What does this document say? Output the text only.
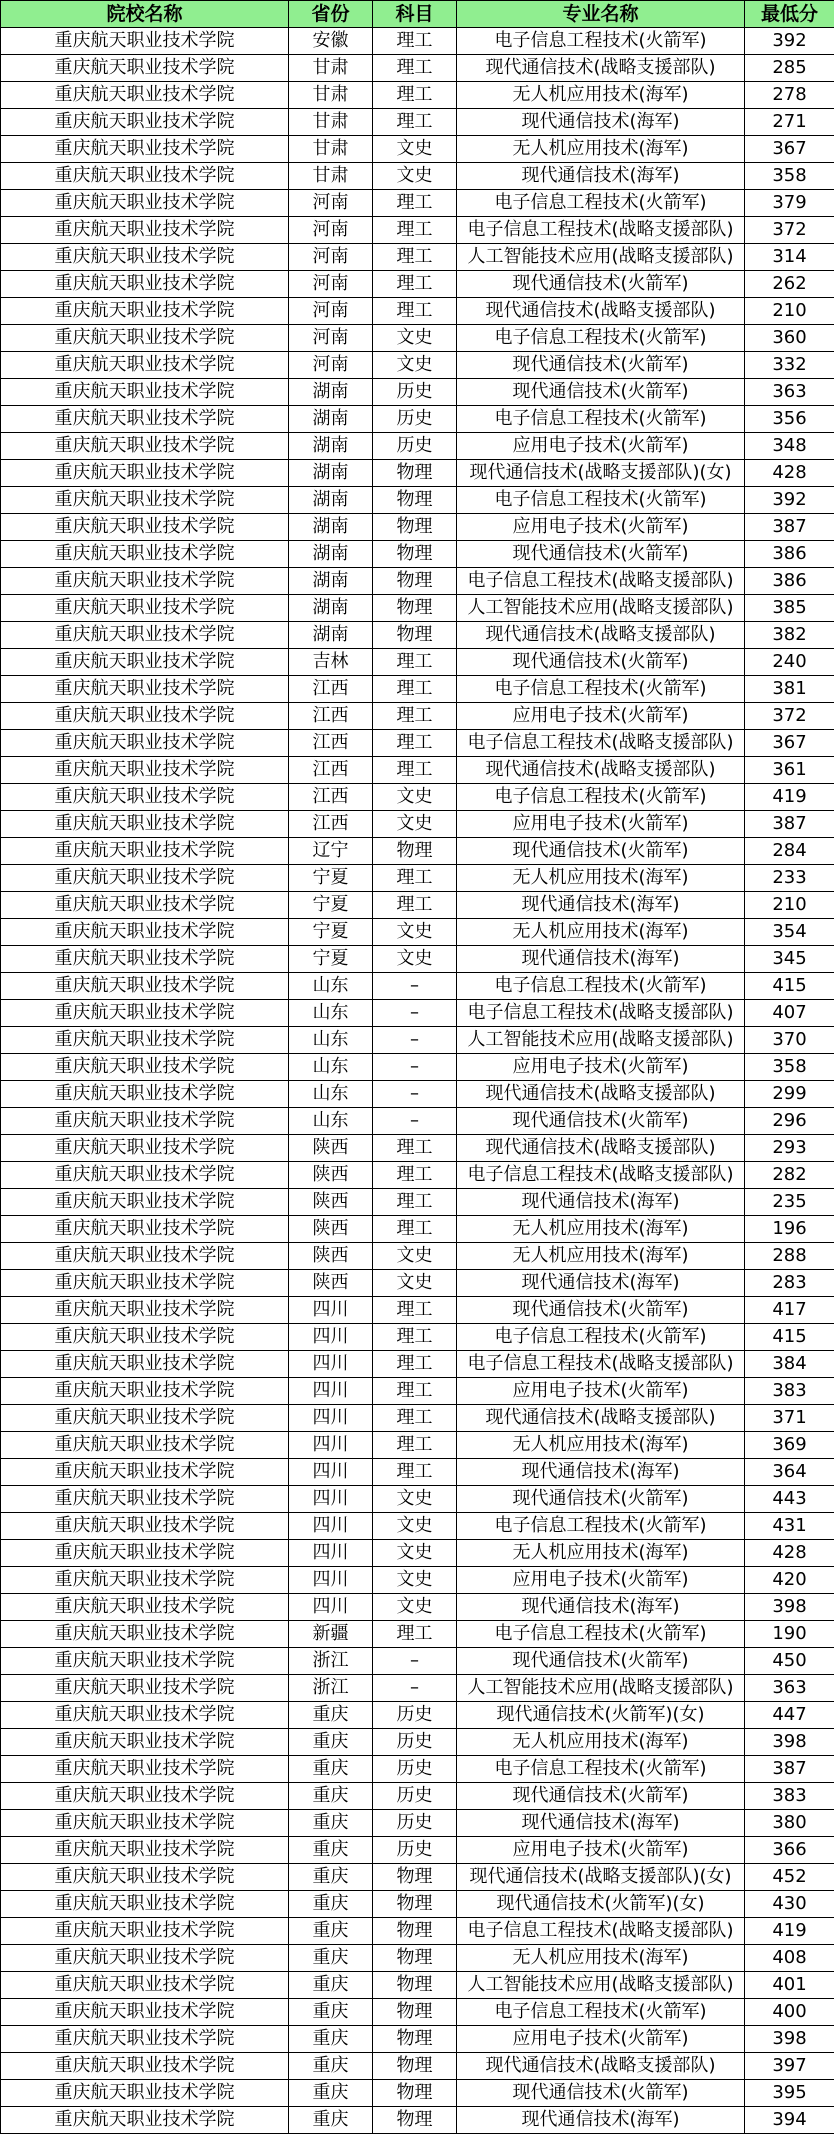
院校名称	省份	科目	专业名称	最低分
重庆航天职业技术学院	安徽	理工	电子信息工程技术(火箭军)	392
重庆航天职业技术学院	甘肃	理工	现代通信技术(战略支援部队)	285
重庆航天职业技术学院	甘肃	理工	无人机应用技术(海军)	278
重庆航天职业技术学院	甘肃	理工	现代通信技术(海军)	271
重庆航天职业技术学院	甘肃	文史	无人机应用技术(海军)	367
重庆航天职业技术学院	甘肃	文史	现代通信技术(海军)	358
重庆航天职业技术学院	河南	理工	电子信息工程技术(火箭军)	379
重庆航天职业技术学院	河南	理工	电子信息工程技术(战略支援部队)	372
重庆航天职业技术学院	河南	理工	人工智能技术应用(战略支援部队)	314
重庆航天职业技术学院	河南	理工	现代通信技术(火箭军)	262
重庆航天职业技术学院	河南	理工	现代通信技术(战略支援部队)	210
重庆航天职业技术学院	河南	文史	电子信息工程技术(火箭军)	360
重庆航天职业技术学院	河南	文史	现代通信技术(火箭军)	332
重庆航天职业技术学院	湖南	历史	现代通信技术(火箭军)	363
重庆航天职业技术学院	湖南	历史	电子信息工程技术(火箭军)	356
重庆航天职业技术学院	湖南	历史	应用电子技术(火箭军)	348
重庆航天职业技术学院	湖南	物理	现代通信技术(战略支援部队)(女)	428
重庆航天职业技术学院	湖南	物理	电子信息工程技术(火箭军)	392
重庆航天职业技术学院	湖南	物理	应用电子技术(火箭军)	387
重庆航天职业技术学院	湖南	物理	现代通信技术(火箭军)	386
重庆航天职业技术学院	湖南	物理	电子信息工程技术(战略支援部队)	386
重庆航天职业技术学院	湖南	物理	人工智能技术应用(战略支援部队)	385
重庆航天职业技术学院	湖南	物理	现代通信技术(战略支援部队)	382
重庆航天职业技术学院	吉林	理工	现代通信技术(火箭军)	240
重庆航天职业技术学院	江西	理工	电子信息工程技术(火箭军)	381
重庆航天职业技术学院	江西	理工	应用电子技术(火箭军)	372
重庆航天职业技术学院	江西	理工	电子信息工程技术(战略支援部队)	367
重庆航天职业技术学院	江西	理工	现代通信技术(战略支援部队)	361
重庆航天职业技术学院	江西	文史	电子信息工程技术(火箭军)	419
重庆航天职业技术学院	江西	文史	应用电子技术(火箭军)	387
重庆航天职业技术学院	辽宁	物理	现代通信技术(火箭军)	284
重庆航天职业技术学院	宁夏	理工	无人机应用技术(海军)	233
重庆航天职业技术学院	宁夏	理工	现代通信技术(海军)	210
重庆航天职业技术学院	宁夏	文史	无人机应用技术(海军)	354
重庆航天职业技术学院	宁夏	文史	现代通信技术(海军)	345
重庆航天职业技术学院	山东	–	电子信息工程技术(火箭军)	415
重庆航天职业技术学院	山东	–	电子信息工程技术(战略支援部队)	407
重庆航天职业技术学院	山东	–	人工智能技术应用(战略支援部队)	370
重庆航天职业技术学院	山东	–	应用电子技术(火箭军)	358
重庆航天职业技术学院	山东	–	现代通信技术(战略支援部队)	299
重庆航天职业技术学院	山东	–	现代通信技术(火箭军)	296
重庆航天职业技术学院	陕西	理工	现代通信技术(战略支援部队)	293
重庆航天职业技术学院	陕西	理工	电子信息工程技术(战略支援部队)	282
重庆航天职业技术学院	陕西	理工	现代通信技术(海军)	235
重庆航天职业技术学院	陕西	理工	无人机应用技术(海军)	196
重庆航天职业技术学院	陕西	文史	无人机应用技术(海军)	288
重庆航天职业技术学院	陕西	文史	现代通信技术(海军)	283
重庆航天职业技术学院	四川	理工	现代通信技术(火箭军)	417
重庆航天职业技术学院	四川	理工	电子信息工程技术(火箭军)	415
重庆航天职业技术学院	四川	理工	电子信息工程技术(战略支援部队)	384
重庆航天职业技术学院	四川	理工	应用电子技术(火箭军)	383
重庆航天职业技术学院	四川	理工	现代通信技术(战略支援部队)	371
重庆航天职业技术学院	四川	理工	无人机应用技术(海军)	369
重庆航天职业技术学院	四川	理工	现代通信技术(海军)	364
重庆航天职业技术学院	四川	文史	现代通信技术(火箭军)	443
重庆航天职业技术学院	四川	文史	电子信息工程技术(火箭军)	431
重庆航天职业技术学院	四川	文史	无人机应用技术(海军)	428
重庆航天职业技术学院	四川	文史	应用电子技术(火箭军)	420
重庆航天职业技术学院	四川	文史	现代通信技术(海军)	398
重庆航天职业技术学院	新疆	理工	电子信息工程技术(火箭军)	190
重庆航天职业技术学院	浙江	–	现代通信技术(火箭军)	450
重庆航天职业技术学院	浙江	–	人工智能技术应用(战略支援部队)	363
重庆航天职业技术学院	重庆	历史	现代通信技术(火箭军)(女)	447
重庆航天职业技术学院	重庆	历史	无人机应用技术(海军)	398
重庆航天职业技术学院	重庆	历史	电子信息工程技术(火箭军)	387
重庆航天职业技术学院	重庆	历史	现代通信技术(火箭军)	383
重庆航天职业技术学院	重庆	历史	现代通信技术(海军)	380
重庆航天职业技术学院	重庆	历史	应用电子技术(火箭军)	366
重庆航天职业技术学院	重庆	物理	现代通信技术(战略支援部队)(女)	452
重庆航天职业技术学院	重庆	物理	现代通信技术(火箭军)(女)	430
重庆航天职业技术学院	重庆	物理	电子信息工程技术(战略支援部队)	419
重庆航天职业技术学院	重庆	物理	无人机应用技术(海军)	408
重庆航天职业技术学院	重庆	物理	人工智能技术应用(战略支援部队)	401
重庆航天职业技术学院	重庆	物理	电子信息工程技术(火箭军)	400
重庆航天职业技术学院	重庆	物理	应用电子技术(火箭军)	398
重庆航天职业技术学院	重庆	物理	现代通信技术(战略支援部队)	397
重庆航天职业技术学院	重庆	物理	现代通信技术(火箭军)	395
重庆航天职业技术学院	重庆	物理	现代通信技术(海军)	394
